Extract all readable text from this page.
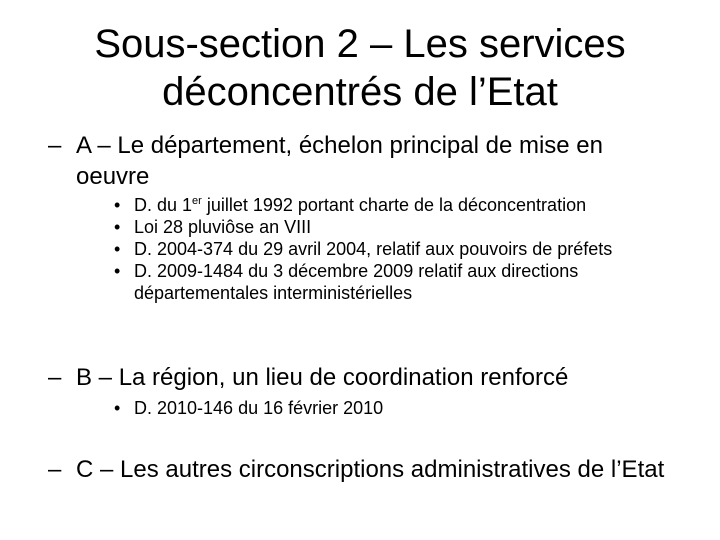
Sous-section 2 – Les services
déconcentrés de l’Etat
– A – Le département, échelon principal de mise en oeuvre
• D. du 1er juillet 1992 portant charte de la déconcentration
• Loi 28 pluviôse an VIII
• D. 2004-374 du 29 avril 2004, relatif aux pouvoirs de préfets
• D. 2009-1484 du 3 décembre 2009 relatif aux directions départementales interministérielles
– B – La région, un lieu de coordination renforcé
• D. 2010-146 du 16 février 2010
– C – Les autres circonscriptions administratives de l’Etat
